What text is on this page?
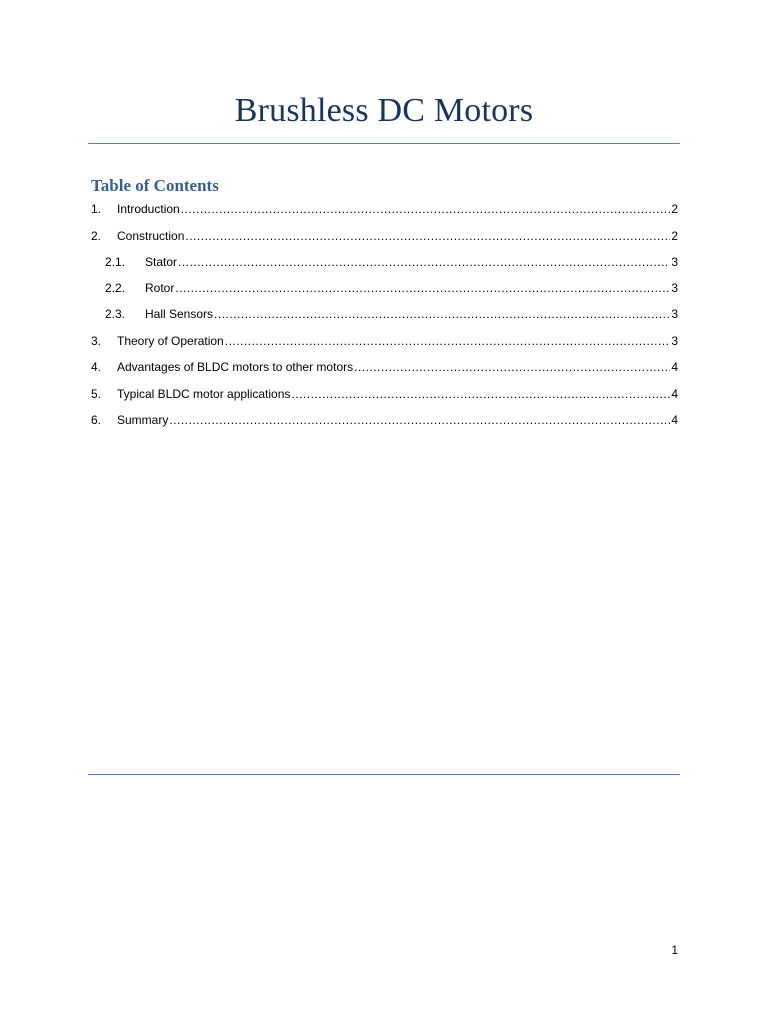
Brushless DC Motors
Table of Contents
1.	Introduction .....	2
2.	Construction .....	2
2.1.	Stator .....	3
2.2.	Rotor .....	3
2.3.	Hall Sensors .....	3
3.	Theory of Operation .....	3
4.	Advantages of BLDC motors to other motors .....	4
5.	Typical BLDC motor applications .....	4
6.	Summary .....	4
1
